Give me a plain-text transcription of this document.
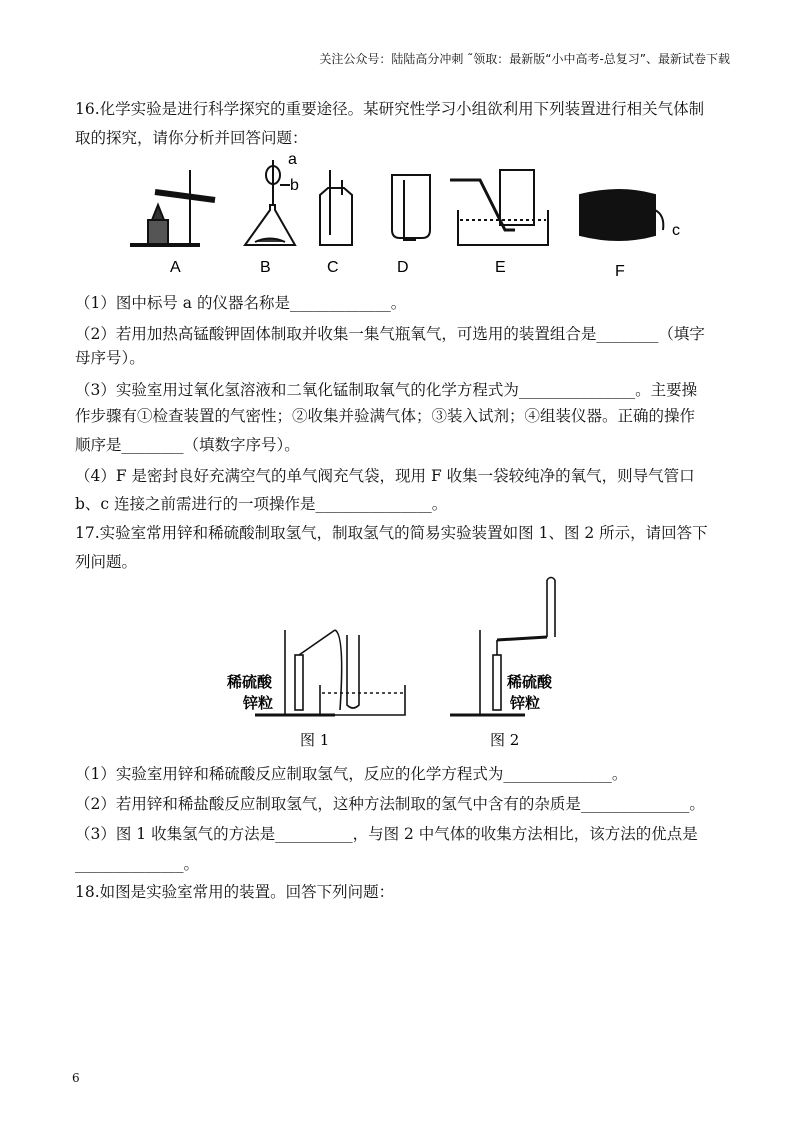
关注公众号：陆陆高分冲刺 ˜领取：最新版“小中高考-总复习”、最新试卷下载
16.化学实验是进行科学探究的重要途径。某研究性学习小组欲利用下列装置进行相关气体制
取的探究，请你分析并回答问题：
a
b
c
A	B	C	D	E	F
（1）图中标号 a 的仪器名称是_____________。
（2）若用加热高锰酸钾固体制取并收集一集气瓶氧气，可选用的装置组合是________（填字
母序号）。
（3）实验室用过氧化氢溶液和二氧化锰制取氧气的化学方程式为_______________。主要操
作步骤有①检查装置的气密性；②收集并验满气体；③装入试剂；④组装仪器。正确的操作
顺序是________（填数字序号）。
（4）F 是密封良好充满空气的单气阀充气袋，现用 F 收集一袋较纯净的氧气，则导气管口
b、c 连接之前需进行的一项操作是_______________。
17.实验室常用锌和稀硫酸制取氢气，制取氢气的简易实验装置如图 1、图 2 所示，请回答下
列问题。
稀硫酸
锌粒
稀硫酸
锌粒
图 1	图 2
（1）实验室用锌和稀硫酸反应制取氢气，反应的化学方程式为______________。
（2）若用锌和稀盐酸反应制取氢气，这种方法制取的氢气中含有的杂质是______________。
（3）图 1 收集氢气的方法是__________，与图 2 中气体的收集方法相比，该方法的优点是
______________。
18.如图是实验室常用的装置。回答下列问题：
6
